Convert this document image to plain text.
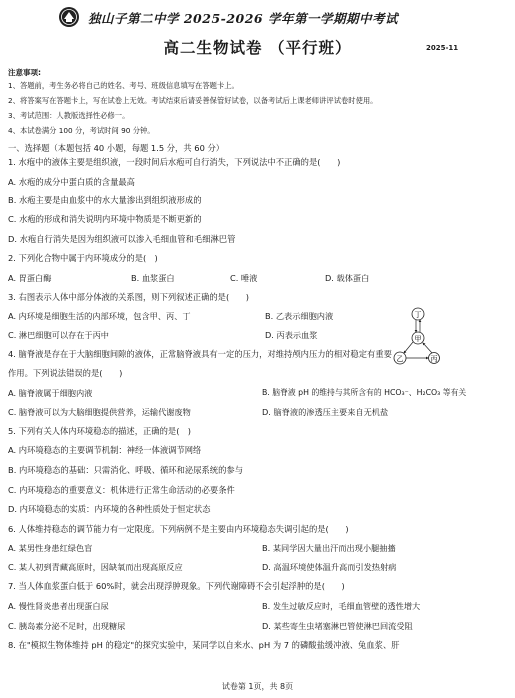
独山子第二中学 2025-2026 学年第一学期期中考试
高二生物试卷 （平行班）	2025-11
注意事项:
1、答题前，考生务必将自己的姓名、考号、班级信息填写在答题卡上。
2、将答案写在答题卡上，写在试卷上无效。考试结束后请妥善保管好试卷，以备考试后上课老师讲评试卷时使用。
3、考试范围：人教版选择性必修一。
4、本试卷满分 100 分，考试时间 90 分钟。
一、选择题（本题包括 40 小题，每题 1.5 分，共 60 分）
1. 水疱中的液体主要是组织液，一段时间后水疱可自行消失，下列说法中不正确的是(　　)
A. 水疱的成分中蛋白质的含量最高
B. 水疱主要是由血浆中的水大量渗出到组织液形成的
C. 水疱的形成和消失说明内环境中物质是不断更新的
D. 水疱自行消失是因为组织液可以渗入毛细血管和毛细淋巴管
2. 下列化合物中属于内环境成分的是(　)
A. 胃蛋白酶	B. 血浆蛋白	C. 唾液	D. 载体蛋白
3. 右图表示人体中部分体液的关系图，则下列叙述正确的是(　　)
A. 内环境是细胞生活的内部环境，包含甲、丙、丁	B. 乙表示细胞内液
C. 淋巴细胞可以存在于丙中	D. 丙表示血浆
丁
甲
乙	丙
4. 脑脊液是存在于大脑细胞间隙的液体，正常脑脊液具有一定的压力，对维持颅内压力的相对稳定有重要
作用。下列说法错误的是(　　)
A. 脑脊液属于细胞内液	B. 脑脊液 pH 的维持与其所含有的 HCO₃⁻、H₂CO₃ 等有关
C. 脑脊液可以为大脑细胞提供营养，运输代谢废物	D. 脑脊液的渗透压主要来自无机盐
5. 下列有关人体内环境稳态的描述，正确的是(　)
A. 内环境稳态的主要调节机制：神经一体液调节网络
B. 内环境稳态的基础：只需消化、呼吸、循环和泌尿系统的参与
C. 内环境稳态的重要意义：机体进行正常生命活动的必要条件
D. 内环境稳态的实质：内环境的各种性质处于恒定状态
6. 人体维持稳态的调节能力有一定限度。下列病例不是主要由内环境稳态失调引起的是(　　)
A. 某男性身患红绿色盲	B. 某同学因大量出汗而出现小腿抽搐
C. 某人初到青藏高原时，因缺氧而出现高原反应	D. 高温环境使体温升高而引发热射病
7. 当人体血浆蛋白低于 60%时，就会出现浮肿现象。下列代谢障碍不会引起浮肿的是(　　)
A. 慢性肾炎患者出现蛋白尿	B. 发生过敏反应时，毛细血管壁的透性增大
C. 胰岛素分泌不足时，出现糖尿	D. 某些寄生虫堵塞淋巴管使淋巴回流受阻
8. 在"模拟生物体维持 pH 的稳定"的探究实验中，某同学以自来水、pH 为 7 的磷酸盐缓冲液、兔血浆、肝
试卷第 1页，共 8页
